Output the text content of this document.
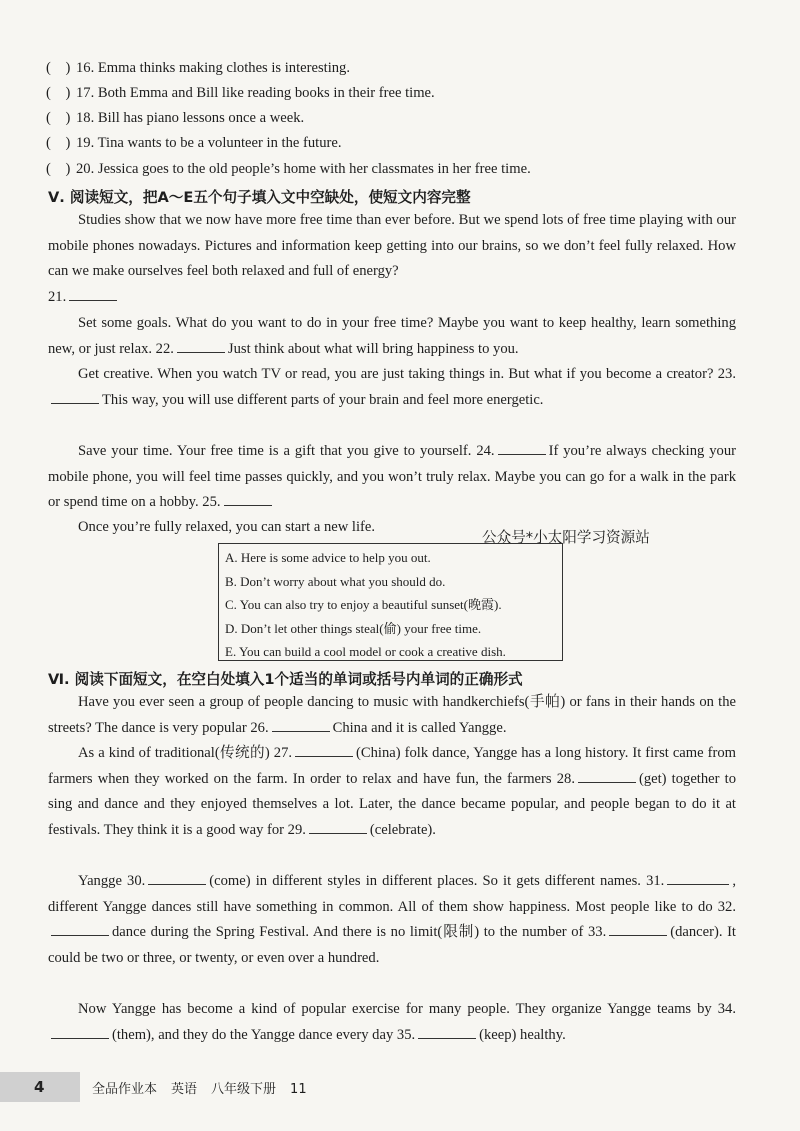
( ) 16. Emma thinks making clothes is interesting.
( ) 17. Both Emma and Bill like reading books in their free time.
( ) 18. Bill has piano lessons once a week.
( ) 19. Tina wants to be a volunteer in the future.
( ) 20. Jessica goes to the old people’s home with her classmates in her free time.
Ⅴ. 阅读短文，把A～E五个句子填入文中空缺处，使短文内容完整
Studies show that we now have more free time than ever before. But we spend lots of free time playing with our mobile phones nowadays. Pictures and information keep getting into our brains, so we don’t feel fully relaxed. How can we make ourselves feel both relaxed and full of energy?
21.
Set some goals. What do you want to do in your free time? Maybe you want to keep healthy, learn something new, or just relax. 22.	Just think about what will bring happiness to you.
Get creative. When you watch TV or read, you are just taking things in. But what if you become a creator? 23.This way, you will use different parts of your brain and feel more energetic.
Save your time. Your free time is a gift that you give to yourself. 24.	If you’re always checking your mobile phone, you will feel time passes quickly, and you won’t truly relax. Maybe you can go for a walk in the park or spend time on a hobby. 25.
Once you’re fully relaxed, you can start a new life.
公众号*小太阳学习资源站
A. Here is some advice to help you out.
B. Don’t worry about what you should do.
C. You can also try to enjoy a beautiful sunset(晚霞).
D. Don’t let other things steal(偷) your free time.
E. You can build a cool model or cook a creative dish.
Ⅵ. 阅读下面短文，在空白处填入1个适当的单词或括号内单词的正确形式
Have you ever seen a group of people dancing to music with handkerchiefs(手帕) or fans in their hands on the streets? The dance is very popular 26.	China and it is called Yangge.
As a kind of traditional(传统的) 27.	(China) folk dance, Yangge has a long history. It first came from farmers when they worked on the farm. In order to relax and have fun, the farmers 28.	(get) together to sing and dance and they enjoyed themselves a lot. Later, the dance became popular, and people began to do it at festivals. They think it is a good way for 29.	(celebrate).
Yangge 30.	(come) in different styles in different places. So it gets different names. 31.	, different Yangge dances still have something in common. All of them show happiness. Most people like to do 32.dance during the Spring Festival. And there is no limit(限制) to the number of 33.	(dancer). It could be two or three, or twenty, or even over a hundred.
Now Yangge has become a kind of popular exercise for many people. They organize Yangge teams by 34.(them), and they do the Yangge dance every day 35.	(keep) healthy.
4	全品作业本 英语 八年级下册 11
